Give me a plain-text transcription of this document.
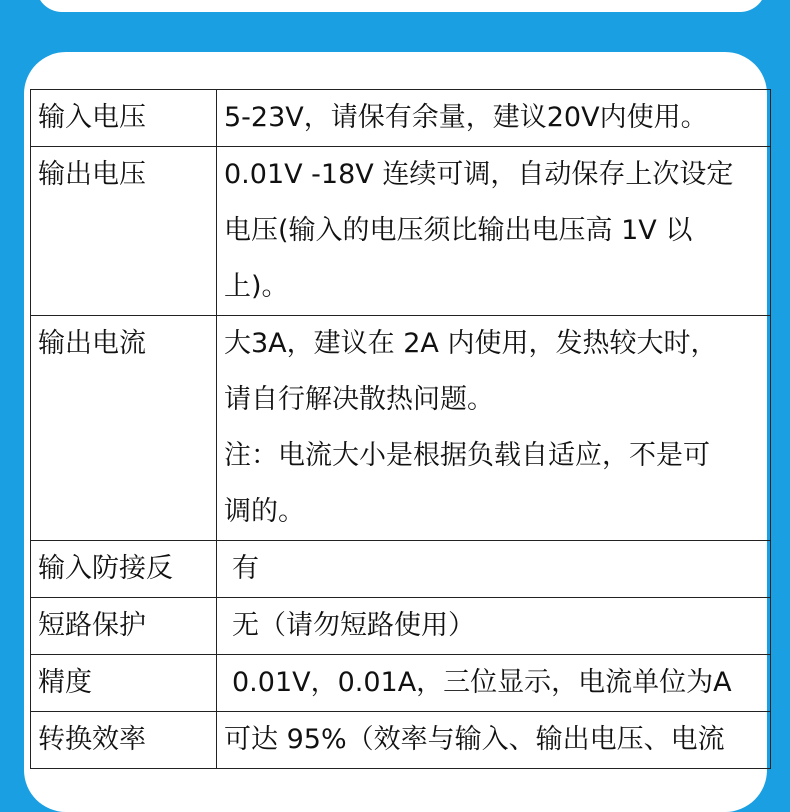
输入电压	5-23V，请保有余量，建议20V内使用。

输出电压	0.01V -18V 连续可调，自动保存上次设定
电压(输入的电压须比输出电压高 1V 以
上)。

输出电流	大3A，建议在 2A 内使用，发热较大时，
请自行解决散热问题。
注：电流大小是根据负载自适应，不是可
调的。

输入防接反	有

短路保护	无（请勿短路使用）

精度	0.01V，0.01A，三位显示，电流单位为A

转换效率	可达 95%（效率与输入、输出电压、电流
